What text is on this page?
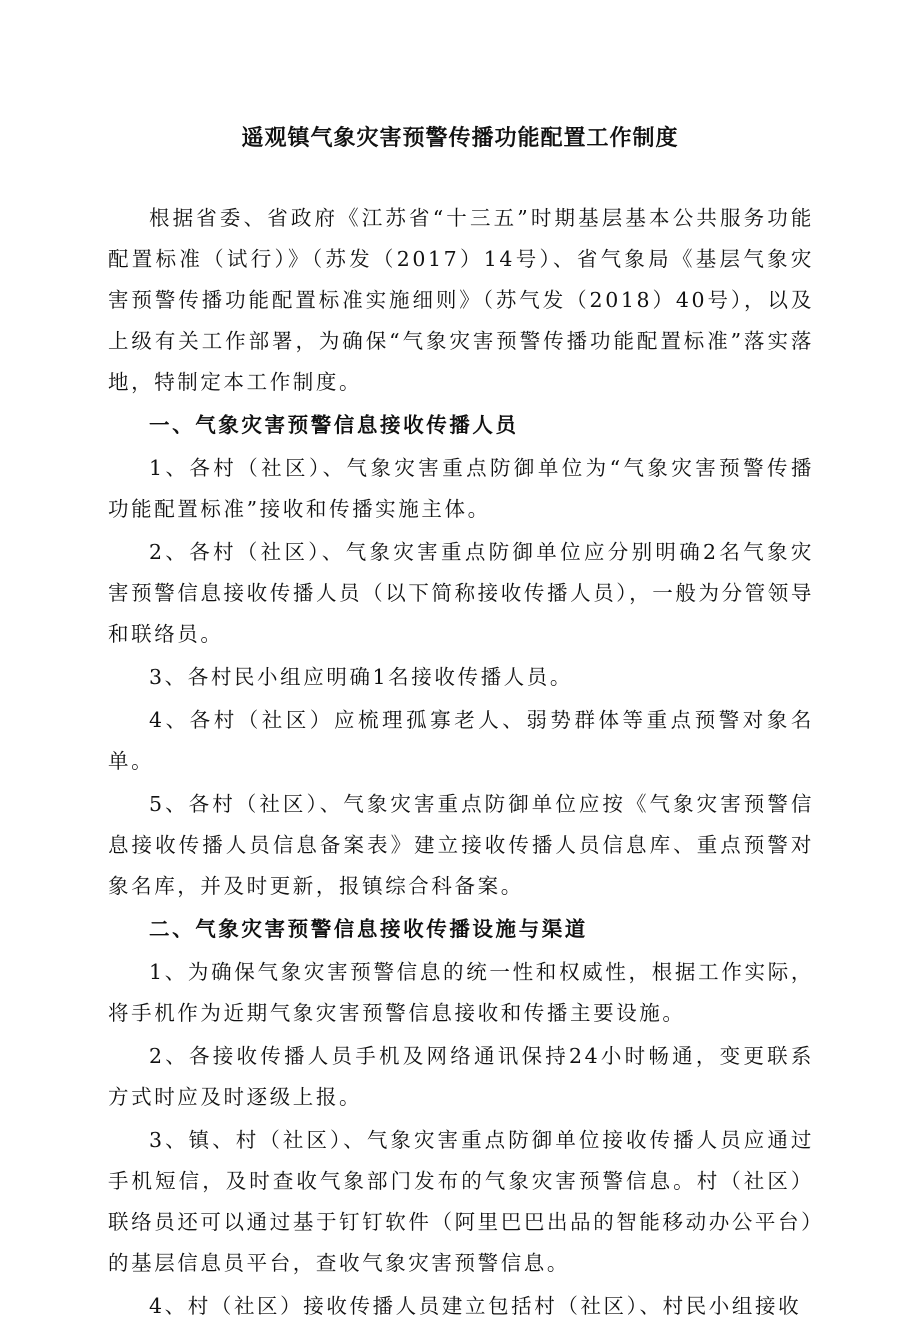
遥观镇气象灾害预警传播功能配置工作制度

根据省委、省政府《江苏省“十三五”时期基层基本公共服务功能配置标准（试行）》（苏发（2017）14号）、省气象局《基层气象灾害预警传播功能配置标准实施细则》（苏气发（2018）40号），以及上级有关工作部署，为确保“气象灾害预警传播功能配置标准”落实落地，特制定本工作制度。

一、气象灾害预警信息接收传播人员

1、各村（社区）、气象灾害重点防御单位为“气象灾害预警传播功能配置标准”接收和传播实施主体。

2、各村（社区）、气象灾害重点防御单位应分别明确2名气象灾害预警信息接收传播人员（以下简称接收传播人员），一般为分管领导和联络员。

3、各村民小组应明确1名接收传播人员。

4、各村（社区）应梳理孤寡老人、弱势群体等重点预警对象名单。

5、各村（社区）、气象灾害重点防御单位应按《气象灾害预警信息接收传播人员信息备案表》建立接收传播人员信息库、重点预警对象名库，并及时更新，报镇综合科备案。

二、气象灾害预警信息接收传播设施与渠道

1、为确保气象灾害预警信息的统一性和权威性，根据工作实际，将手机作为近期气象灾害预警信息接收和传播主要设施。

2、各接收传播人员手机及网络通讯保持24小时畅通，变更联系方式时应及时逐级上报。

3、镇、村（社区）、气象灾害重点防御单位接收传播人员应通过手机短信，及时查收气象部门发布的气象灾害预警信息。村（社区）联络员还可以通过基于钉钉软件（阿里巴巴出品的智能移动办公平台）的基层信息员平台，查收气象灾害预警信息。

4、村（社区）接收传播人员建立包括村（社区）、村民小组接收
